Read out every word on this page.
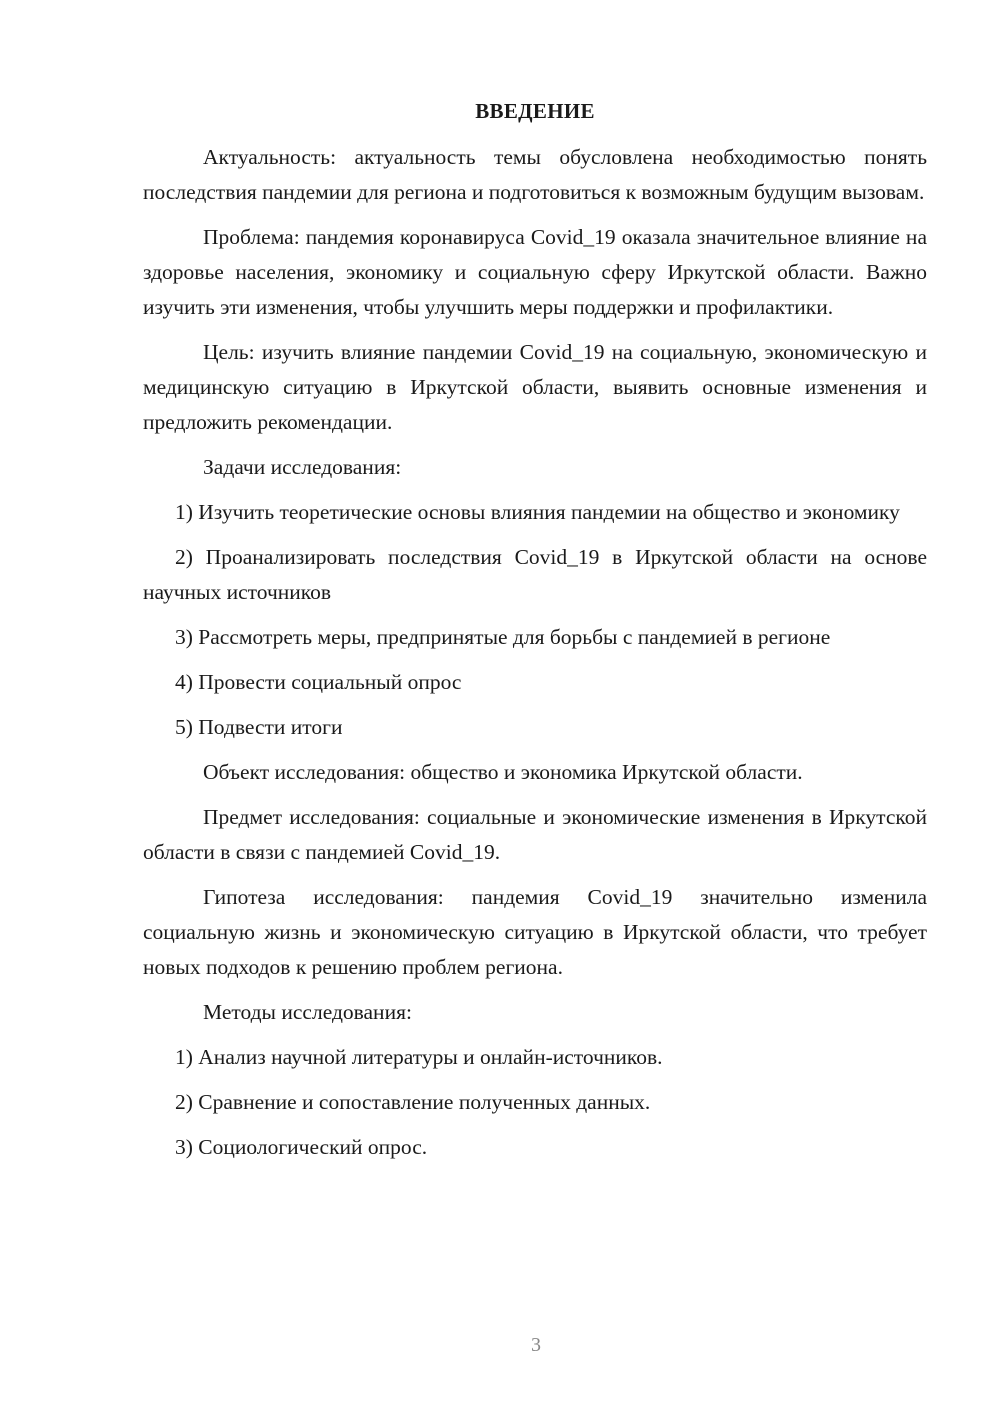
ВВЕДЕНИЕ

Актуальность: актуальность темы обусловлена необходимостью понять последствия пандемии для региона и подготовиться к возможным будущим вызовам.

Проблема: пандемия коронавируса Covid_19 оказала значительное влияние на здоровье населения, экономику и социальную сферу Иркутской области. Важно изучить эти изменения, чтобы улучшить меры поддержки и профилактики.

Цель: изучить влияние пандемии Covid_19 на социальную, экономическую и медицинскую ситуацию в Иркутской области, выявить основные изменения и предложить рекомендации.

Задачи исследования:

1) Изучить теоретические основы влияния пандемии на общество и экономику

2) Проанализировать последствия Covid_19 в Иркутской области на основе научных источников

3) Рассмотреть меры, предпринятые для борьбы с пандемией в регионе

4) Провести социальный опрос

5) Подвести итоги

Объект исследования: общество и экономика Иркутской области.

Предмет исследования: социальные и экономические изменения в Иркутской области в связи с пандемией Covid_19.

Гипотеза исследования: пандемия Covid_19 значительно изменила социальную жизнь и экономическую ситуацию в Иркутской области, что требует новых подходов к решению проблем региона.

Методы исследования:

1) Анализ научной литературы и онлайн-источников.

2) Сравнение и сопоставление полученных данных.

3) Социологический опрос.

3
